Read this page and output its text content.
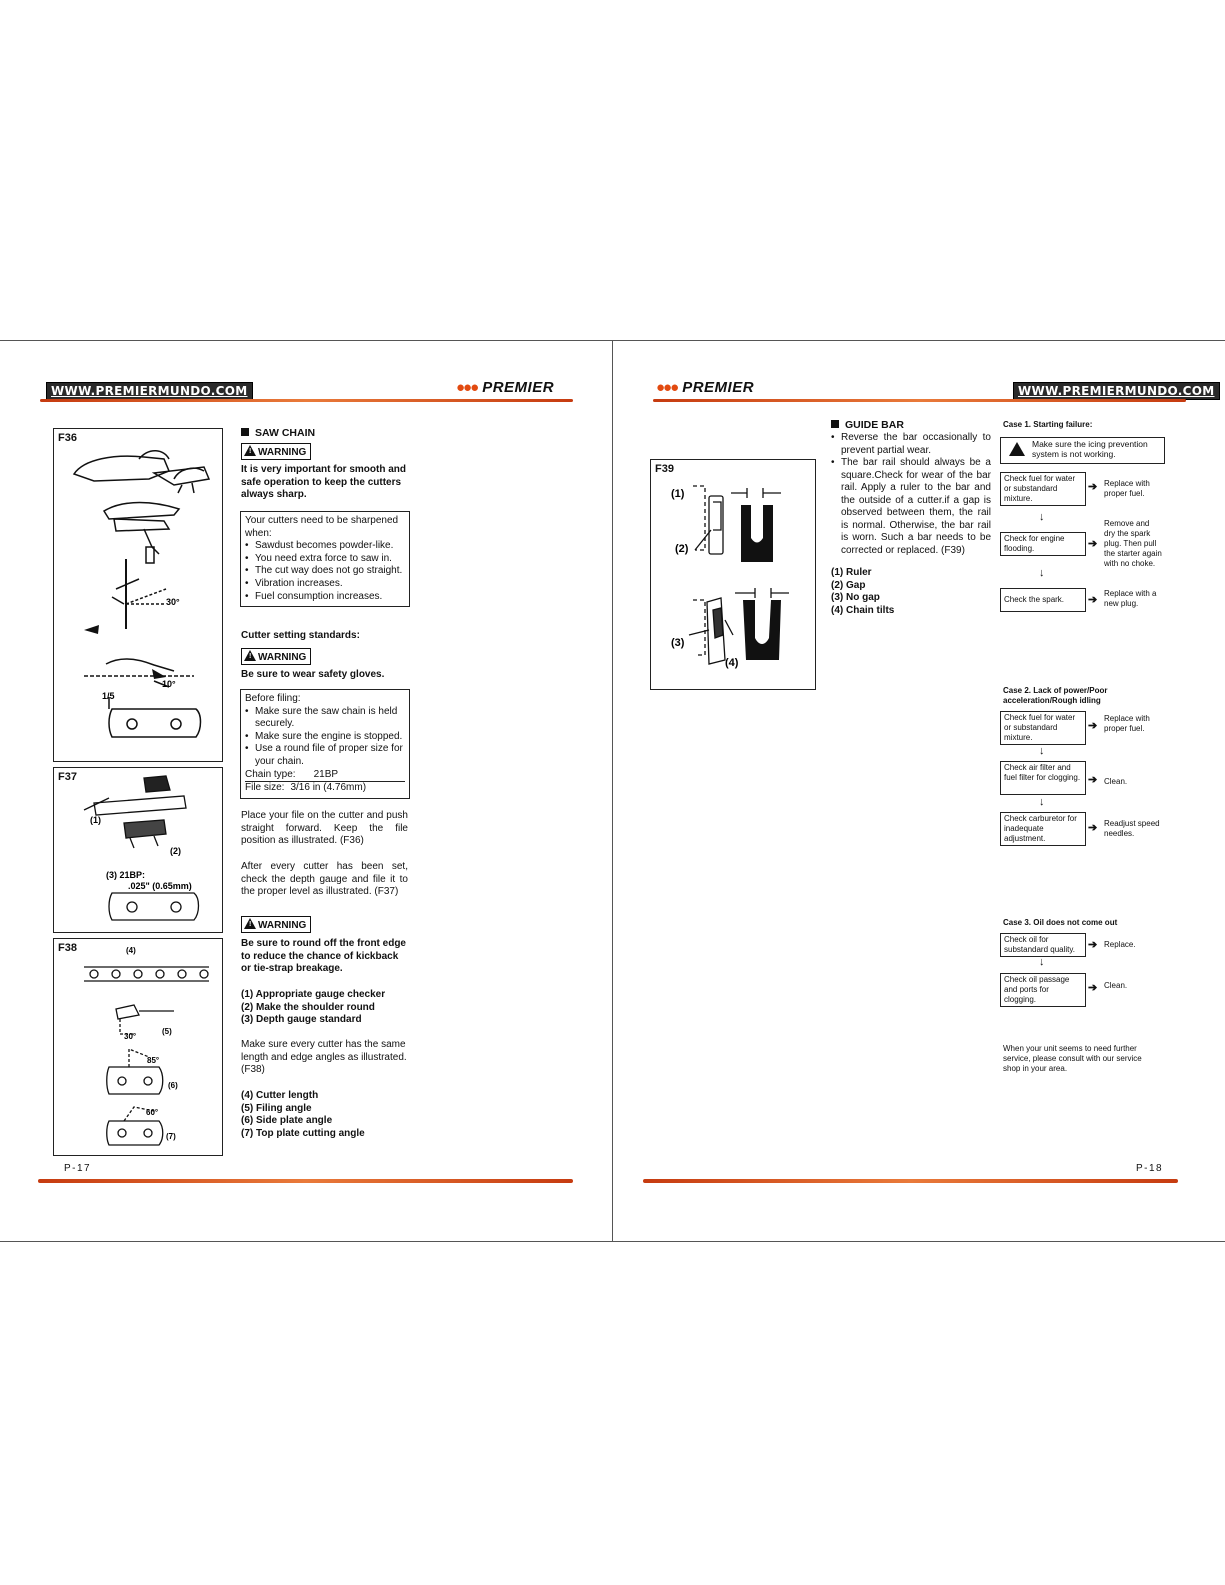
WWW.PREMIERMUNDO.COM	●●● PREMIER
F36
30°
10°
1/5
F37
(1)
(2)
(3) 21BP:
.025" (0.65mm)
F38	(4)
30°
(5)
85°
(6)
60°
(7)
SAW CHAIN
! WARNING
It is very important for smooth and safe operation to keep the cutters always sharp.
Your cutters need to be sharpened when:
• Sawdust becomes powder-like.
• You need extra force to saw in.
• The cut way does not go straight.
• Vibration increases.
• Fuel consumption increases.
Cutter setting standards:
! WARNING
Be sure to wear safety gloves.
Before filing:
• Make sure the saw chain is held securely.
• Make sure the engine is stopped.
• Use a round file of proper size for your chain.
Chain type: 21BP
File size: 3/16 in (4.76mm)
Place your file on the cutter and push straight forward. Keep the file position as illustrated. (F36)
After every cutter has been set, check the depth gauge and file it to the proper level as illustrated. (F37)
! WARNING
Be sure to round off the front edge to reduce the chance of kickback or tie-strap breakage.
(1) Appropriate gauge checker
(2) Make the shoulder round
(3) Depth gauge standard
Make sure every cutter has the same length and edge angles as illustrated. (F38)
(4) Cutter length
(5) Filing angle
(6) Side plate angle
(7) Top plate cutting angle
P-17
●●● PREMIER	WWW.PREMIERMUNDO.COM
F39
(1)
(2)
(3)
(4)
GUIDE BAR
• Reverse the bar occasionally to prevent partial wear.
• The bar rail should always be a square.Check for wear of the bar rail. Apply a ruler to the bar and the outside of a cutter.if a gap is observed between them, the rail is normal. Otherwise, the bar rail is worn. Such a bar needs to be corrected or replaced. (F39)
(1) Ruler
(2) Gap
(3) No gap
(4) Chain tilts
Case 1. Starting failure:
Make sure the icing prevention system is not working.
Check fuel for water or substandard mixture.
➔ Replace with proper fuel.
↓
Check for engine flooding.	➔
Remove and dry the spark plug. Then pull the starter again with no choke.
↓
Check the spark.	➔
Replace with a new plug.
Case 2. Lack of power/Poor acceleration/Rough idling
Check fuel for water or substandard mixture.
➔
Replace with proper fuel.
↓
Check air filter and fuel filter for clogging. ➔ Clean.
↓
Check carburetor for inadequate adjustment.
➔ Readjust speed needles.
Case 3. Oil does not come out
Check oil for substandard quality.	➔ Replace.
↓
Check oil passage and ports for clogging.
➔ Clean.
When your unit seems to need further service, please consult with our service shop in your area.
P-18
